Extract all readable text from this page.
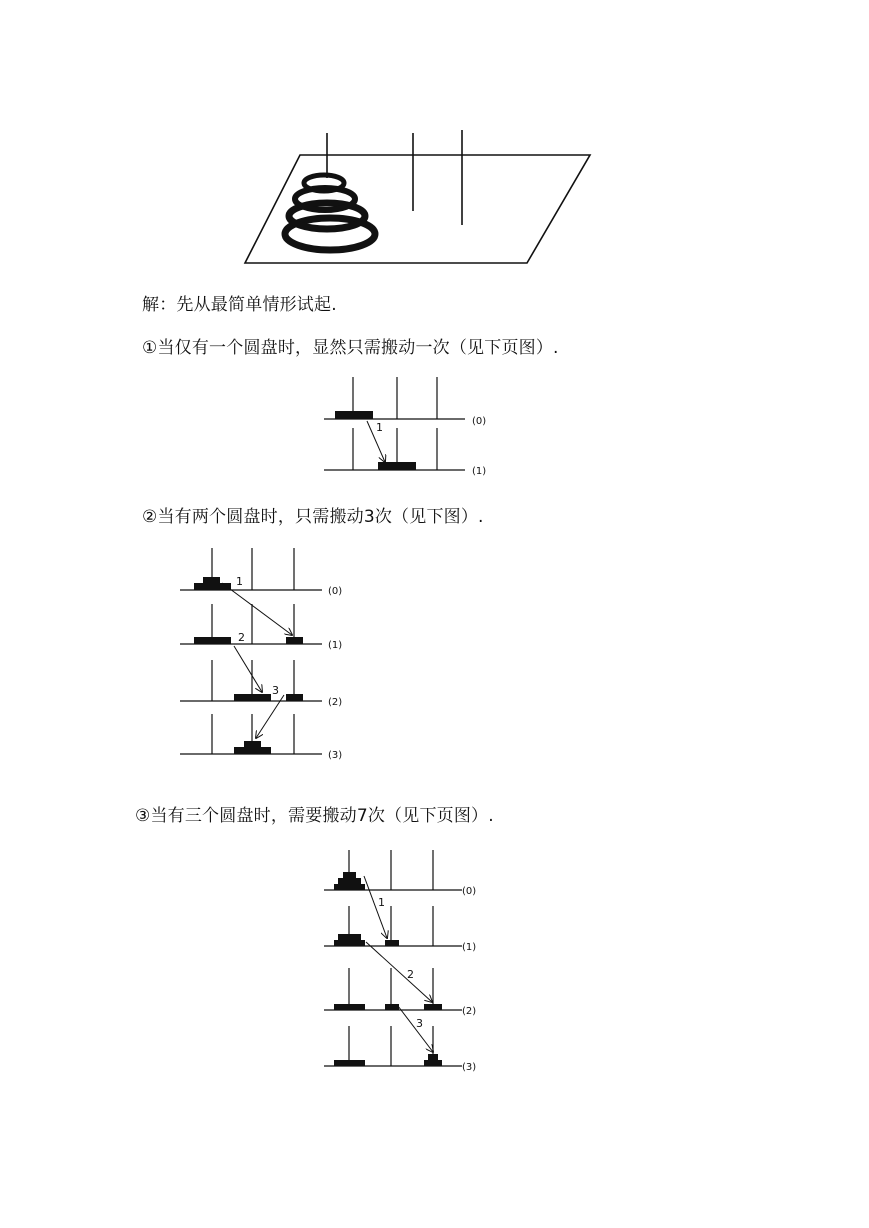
解：先从最简单情形试起.
①当仅有一个圆盘时，显然只需搬动一次（见下页图）.
1	(0)
(1)
②当有两个圆盘时，只需搬动3次（见下图）.
1
2
3
(0)
(1)
(2)
(3)
③当有三个圆盘时，需要搬动7次（见下页图）.
1
2
3
(0)
(1)
(2)
(3)
